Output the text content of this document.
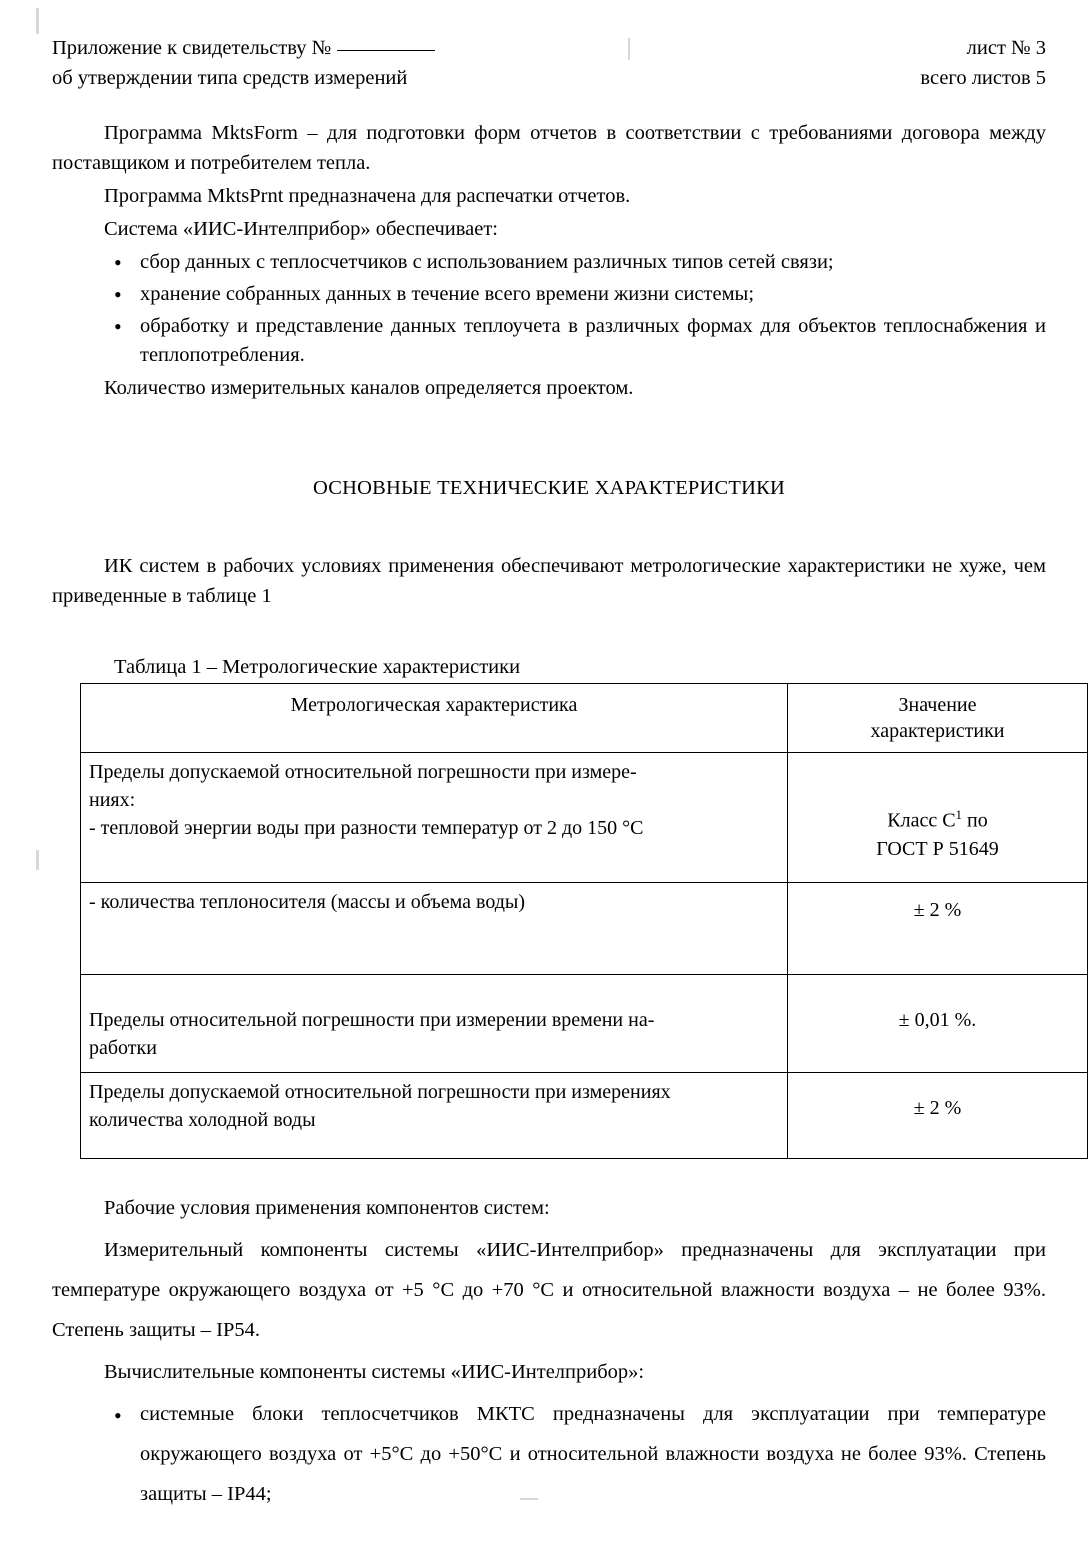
Приложение к свидетельству №
об утверждении типа средств измерений
лист № 3
всего листов 5

Программа MktsForm – для подготовки форм отчетов в соответствии с требованиями договора между поставщиком и потребителем тепла.

Программа MktsPrnt предназначена для распечатки отчетов.

Система «ИИС-Интелприбор» обеспечивает:

• сбор данных с теплосчетчиков с использованием различных типов сетей связи;
• хранение собранных данных в течение всего времени жизни системы;
• обработку и представление данных теплоучета в различных формах для объектов теплоснабжения и теплопотребления.

Количество измерительных каналов определяется проектом.

ОСНОВНЫЕ ТЕХНИЧЕСКИЕ ХАРАКТЕРИСТИКИ

ИК систем в рабочих условиях применения обеспечивают метрологические характеристики не хуже, чем приведенные в таблице 1

Таблица 1 – Метрологические характеристики
Метрологическая характеристика	Значение
характеристики

Пределы допускаемой относительной погрешности при измере-
ниях:
- тепловой энергии воды при разности температур от 2 до 150 °С	Класс $С^1$ по
ГОСТ Р 51649

- количества теплоносителя (массы и объема воды)	± 2 %

Пределы относительной погрешности при измерении времени на-
работки	± 0,01 %.

Пределы допускаемой относительной погрешности при измерениях
количества холодной воды	± 2 %

Рабочие условия применения компонентов систем:

Измерительный компоненты системы «ИИС-Интелприбор» предназначены для эксплуатации при температуре окружающего воздуха от +5 °С до +70 °С и относительной влажности воздуха – не более 93%. Степень защиты – IP54.

Вычислительные компоненты системы «ИИС-Интелприбор»:

• системные блоки теплосчетчиков МКТС предназначены для эксплуатации при температуре окружающего воздуха от +5°С до +50°С и относительной влажности воздуха не более 93%. Степень защиты – IP44;
